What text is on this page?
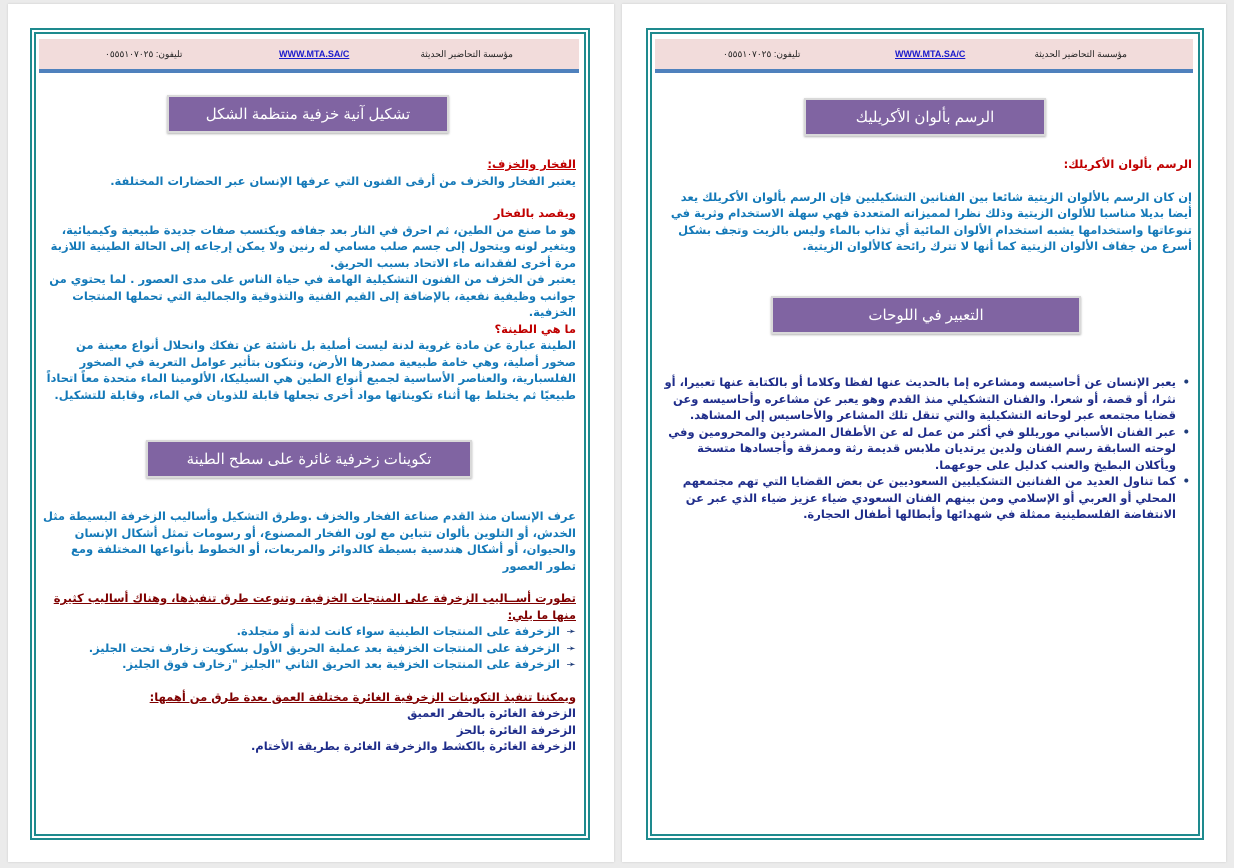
مؤسسة التحاضير الحديثة
WWW.MTA.SA/C
تليفون: ٠٥٥٥١٠٧٠٢٥
تشكيل آنية خزفية منتظمة الشكل

الفخار والخزف:

يعتبر الفخار والخزف من أرقى الفنون التي عرفها الإنسان عبر الحضارات المختلفة.

ويقصد بالفخار

هو ما صنع من الطين، ثم احرق في النار بعد جفافه ويكتسب صفات جديدة طبيعية وكيميائية، ويتغير لونه ويتحول إلى جسم صلب مسامي له رنين ولا يمكن إرجاعه إلى الحالة الطينية اللازبة مرة أخرى لفقدانه ماء الاتحاد بسبب الحريق.

يعتبر فن الخزف من الفنون التشكيلية الهامة في حياة الناس على مدى العصور . لما يحتوي من جوانب وظيفية نفعية، بالإضافة إلى القيم الفنية والتذوقية والجمالية التي تحملها المنتجات الخزفية.

ما هي الطينة؟

الطينة عبارة عن مادة غروية لدنة ليست أصلية بل ناشئة عن تفكك وانحلال أنواع معينة من صخور أصلية، وهي خامة طبيعية مصدرها الأرض، وتتكون بتأثير عوامل التعرية في الصخور الفلسبارية، والعناصر الأساسية لجميع أنواع الطين هي السيليكا، الألومينا الماء متحدة معاً اتحاداً طبيعيًا ثم يختلط بها أثناء تكويناتها مواد أخرى تجعلها قابلة للذوبان في الماء، وقابلة للتشكيل.

تكوينات زخرفية غائرة على سطح الطينة

عرف الإنسان منذ القدم صناعة الفخار والخزف .وطرق التشكيل وأساليب الزخرفة البسيطة مثل الخدش، أو التلوين بألوان تتباين مع لون الفخار المصنوع، أو رسومات تمثل أشكال الإنسان والحيوان، أو أشكال هندسية بسيطة كالدوائر والمربعات، أو الخطوط بأنواعها المختلفة ومع تطور العصور

تطورت أســاليب الزخرفة على المنتجات الخزفية، وتنوعت طرق تنفيذها، وهناك أساليب كثيرة منها ما يلي:

➛
الزخرفة على المنتجات الطينية سواء كانت لدنة أو متجلدة.
➛
الزخرفة على المنتجات الخزفية بعد عملية الحريق الأول بسكويت زخارف تحت الجليز.
➛
الزخرفة على المنتجات الخزفية بعد الحريق الثاني "الجليز "زخارف فوق الجليز.

ويمكننا تنفيذ التكوينات الزخرفية الغائرة مختلفة العمق بعدة طرق من أهمها:

الزخرفة الغائرة بالحفر العميق

الزخرفة الغائرة بالحز

الزخرفة الغائرة بالكشط والزخرفة الغائرة بطريقة الأختام.

مؤسسة التحاضير الحديثة
WWW.MTA.SA/C
تليفون: ٠٥٥٥١٠٧٠٢٥
الرسم بألوان الأكريليك

الرسم بألوان الأكريلك:

إن كان الرسم بالألوان الزيتية شائعا بين الفنانين التشكيليين فإن الرسم بألوان الأكريلك يعد أيضا بديلا مناسبا للألوان الزيتية وذلك نظرا لمميزاته المتعددة فهي سهلة الاستخدام وثرية في تنوعاتها واستخدامها يشبه استخدام الألوان المائية أي تذاب بالماء وليس بالزيت وتجف بشكل أسرع من جفاف الألوان الزيتية كما أنها لا تترك رائحة كالألوان الزيتية.

التعبير في اللوحات
•
يعبر الإنسان عن أحاسيسه ومشاعره إما بالحديث عنها لفظا وكلاما أو بالكتابة عنها تعبيرا، أو نثرا، أو قصة، أو شعرا. والفنان التشكيلي منذ القدم وهو يعبر عن مشاعره وأحاسيسه وعن قضايا مجتمعه عبر لوحاته التشكيلية والتي تنقل تلك المشاعر والأحاسيس إلى المشاهد.
•
عبر الفنان الأسباني موريللو في أكثر من عمل له عن الأطفال المشردين والمحرومين وفي لوحته السابقة رسم الفنان ولدين يرتديان ملابس قديمة رثة وممزقة وأجسادها متسخة ويأكلان البطيخ والعنب كدليل على جوعهما.
•
كما تناول العديد من الفنانين التشكيليين السعوديين عن بعض القضايا التي تهم مجتمعهم المحلي أو العربي أو الإسلامي ومن بينهم الفنان السعودي ضياء عزيز ضياء الذي عبر عن الانتفاضة الفلسطينية ممثلة في شهدائها وأبطالها أطفال الحجارة.
